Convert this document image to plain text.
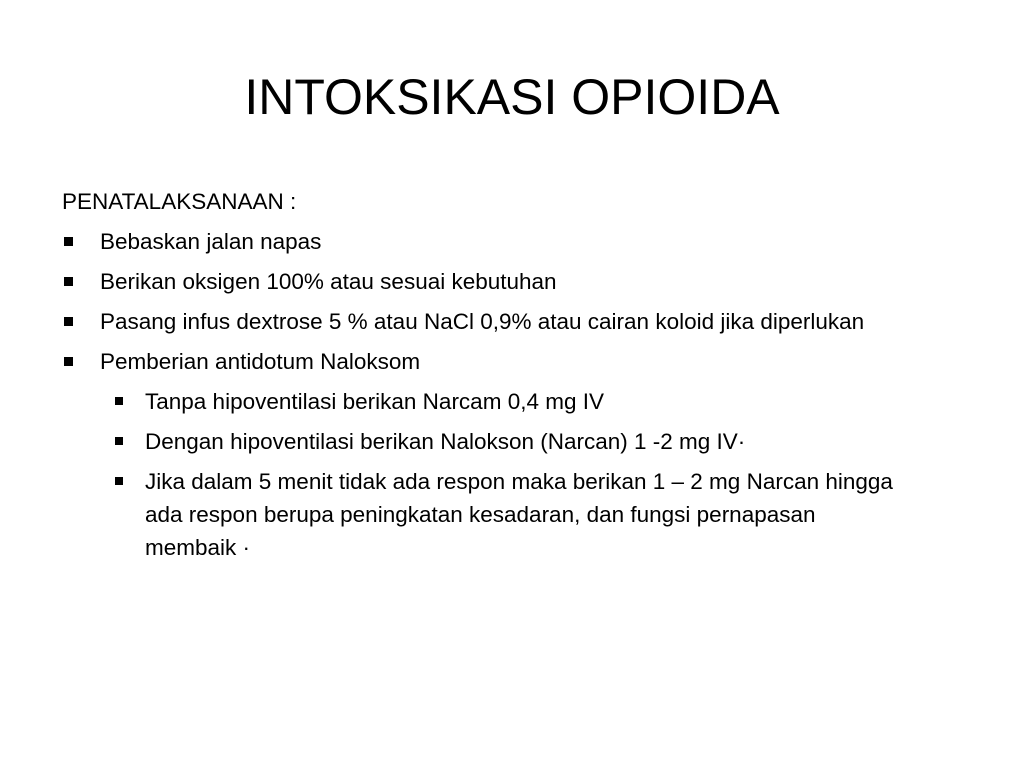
INTOKSIKASI OPIOIDA
PENATALAKSANAAN :
Bebaskan jalan napas
Berikan oksigen 100% atau sesuai kebutuhan
Pasang infus dextrose 5 % atau NaCl 0,9% atau cairan koloid jika diperlukan
Pemberian antidotum Naloksom
Tanpa hipoventilasi berikan Narcam 0,4 mg IV
Dengan hipoventilasi berikan Nalokson (Narcan) 1 -2 mg IV·
Jika dalam 5 menit tidak ada respon maka berikan 1 – 2 mg Narcan hingga ada respon berupa peningkatan kesadaran, dan fungsi pernapasan membaik ·
